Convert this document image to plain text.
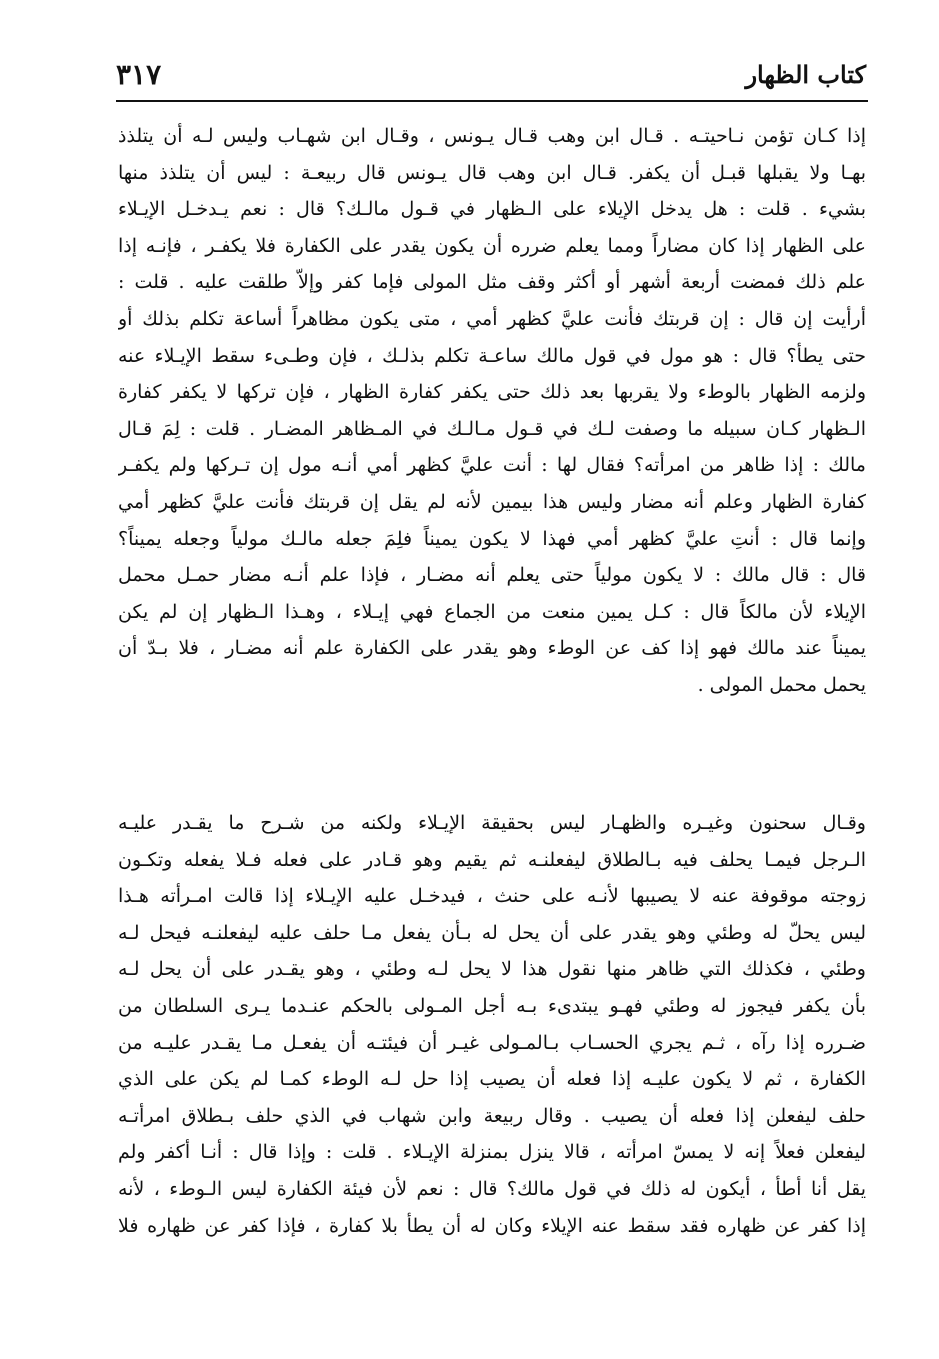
كتاب الظهار
٣١٧
إذا كـان تؤمن نـاحيتـه . قـال ابن وهب قـال يـونس ، وقـال ابن شهـاب وليس لـه أن يتلذذ
بهـا ولا يقبلها قبـل أن يكفر. قـال ابن وهب قال يـونس قال ربيعـة : ليس أن يتلذذ منها
بشيء . قلت : هل يدخل الإيلاء على الـظهار في قـول مالـك؟ قال : نعم يـدخـل الإيـلاء
على الظهار إذا كان مضاراً ومما يعلم ضرره أن يكون يقدر على الكفارة فلا يكفـر ، فإنـه إذا
علم ذلك فمضت أربعة أشهر أو أكثر وقف مثل المولى فإما كفر وإلاّ طلقت عليه . قلت :
أرأيت إن قال : إن قربتك فأنت عليَّ كظهر أمي ، متى يكون مظاهراً أساعة تكلم بذلك أو
حتى يطأ؟ قال : هو مول في قول مالك ساعـة تكلم بذلـك ، فإن وطـىء سقط الإيـلاء عنه
ولزمه الظهار بالوطء ولا يقربها بعد ذلك حتى يكفر كفارة الظهار ، فإن تركها لا يكفر كفارة
الـظهار كـان سبيله ما وصفت لـك في قـول مـالـك في المـظاهر المضـار . قلت : لِمَ قـال
مالك : إذا ظاهر من امرأته؟ فقال لها : أنت عليَّ كظهر أمي أنـه مول إن تـركها ولم يكفـر
كفارة الظهار وعلم أنه مضار وليس هذا بيمين لأنه لم يقل إن قربتك فأنت عليَّ كظهر أمي
وإنما قال : أنتِ عليَّ كظهر أمي فهذا لا يكون يميناً فلِمَ جعله مالـك مولياً وجعله يميناً؟
قال : قال مالك : لا يكون مولياً حتى يعلم أنه مضـار ، فإذا علم أنـه مضار حمـل محمل
الإيلاء لأن مالكاً قال : كـل يمين منعت من الجماع فهي إيـلاء ، وهـذا الـظهار إن لم يكن
يميناً عند مالك فهو إذا كف عن الوطء وهو يقدر على الكفارة علم أنه مضـار ، فلا بـدّ أن
يحمل محمل المولى .
وقـال سحنون وغيـره والظهـار ليس بحقيقة الإيـلاء ولكنه من شـرح ما يقـدر عليـه
الـرجل فيمـا يحلف فيه بـالطلاق ليفعلنـه ثم يقيم وهو قـادر على فعله فـلا يفعله وتكـون
زوجته موقوفة عنه لا يصيبها لأنـه على حنث ، فيدخـل عليه الإيـلاء إذا قالت امـرأته هـذا
ليس يحلّ له وطئي وهو يقدر على أن يحل له بـأن يفعل مـا حلف عليه ليفعلنـه فيحل لـه
وطئي ، فكذلك التي ظاهر منها نقول هذا لا يحل لـه وطئي ، وهو يقـدر على أن يحل لـه
بأن يكفر فيجوز له وطئي فهـو يبتدىء بـه أجل المـولى بالحكم عنـدما يـرى السلطان من
ضـرره إذا رآه ، ثـم يجري الحسـاب بـالمـولى غيـر أن فيئتـه أن يفعـل مـا يقـدر عليـه من
الكفارة ، ثم لا يكون عليـه إذا فعله أن يصيب إذا حل لـه الوطء كمـا لم يكن على الذي
حلف ليفعلن إذا فعله أن يصيب . وقال ربيعة وابن شهاب في الذي حلف بـطلاق امرأتـه
ليفعلن فعلاً إنه لا يمسّ امرأته ، قالا ينزل بمنزلة الإيـلاء . قلت : وإذا قال : أنـا أكفر ولم
يقل أنا أطأ ، أيكون له ذلك في قول مالك؟ قال : نعم لأن فيئة الكفارة ليس الـوطء ، لأنه
إذا كفر عن ظهاره فقد سقط عنه الإيلاء وكان له أن يطأ بلا كفارة ، فإذا كفر عن ظهاره فلا
